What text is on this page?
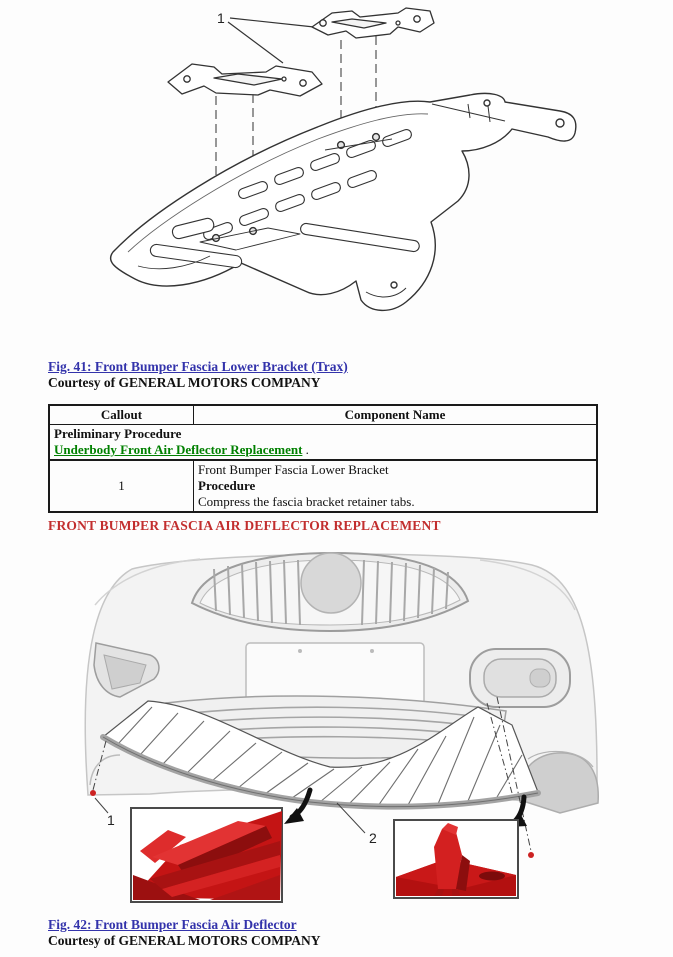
1
Fig. 41: Front Bumper Fascia Lower Bracket (Trax)
Courtesy of GENERAL MOTORS COMPANY
Callout	Component Name
Preliminary Procedure
Underbody Front Air Deflector Replacement .	
1	Front Bumper Fascia Lower Bracket
Procedure
Compress the fascia bracket retainer tabs.
FRONT BUMPER FASCIA AIR DEFLECTOR REPLACEMENT
1
2
Fig. 42: Front Bumper Fascia Air Deflector
Courtesy of GENERAL MOTORS COMPANY
